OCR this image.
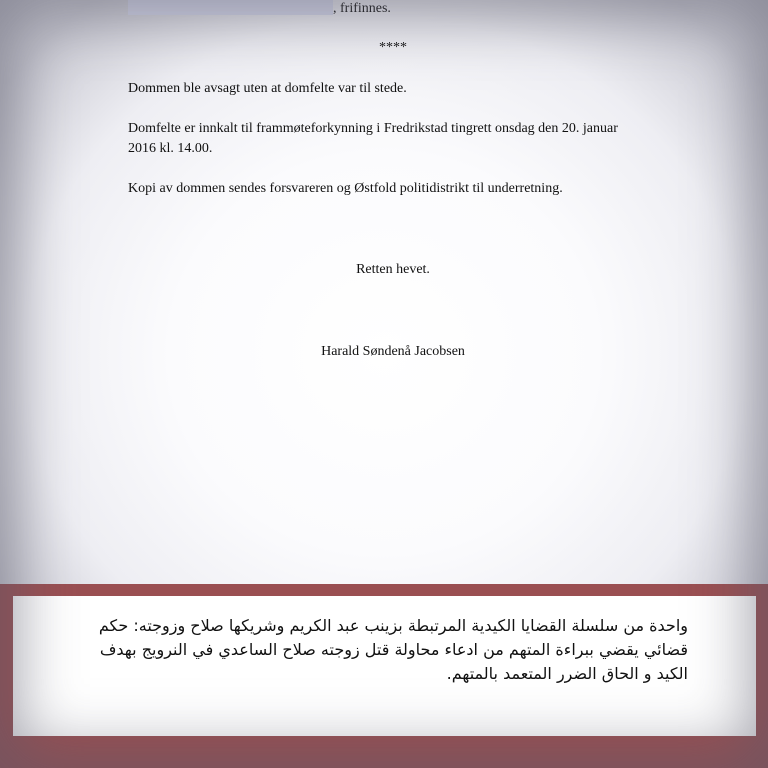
, frifinnes.
****
Dommen ble avsagt uten at domfelte var til stede.
Domfelte er innkalt til frammøteforkynning i Fredrikstad tingrett onsdag den 20. januar
2016 kl. 14.00.
Kopi av dommen sendes forsvareren og Østfold politidistrikt til underretning.
Retten hevet.
Harald Søndenå Jacobsen
واحدة من سلسلة القضايا الكيدية المرتبطة بزينب عبد الكريم وشريكها صلاح وزوجته: حكم قضائي يقضي ببراءة المتهم من ادعاء محاولة قتل زوجته صلاح الساعدي في النرويج بهدف الكيد و الحاق الضرر المتعمد بالمتهم.
